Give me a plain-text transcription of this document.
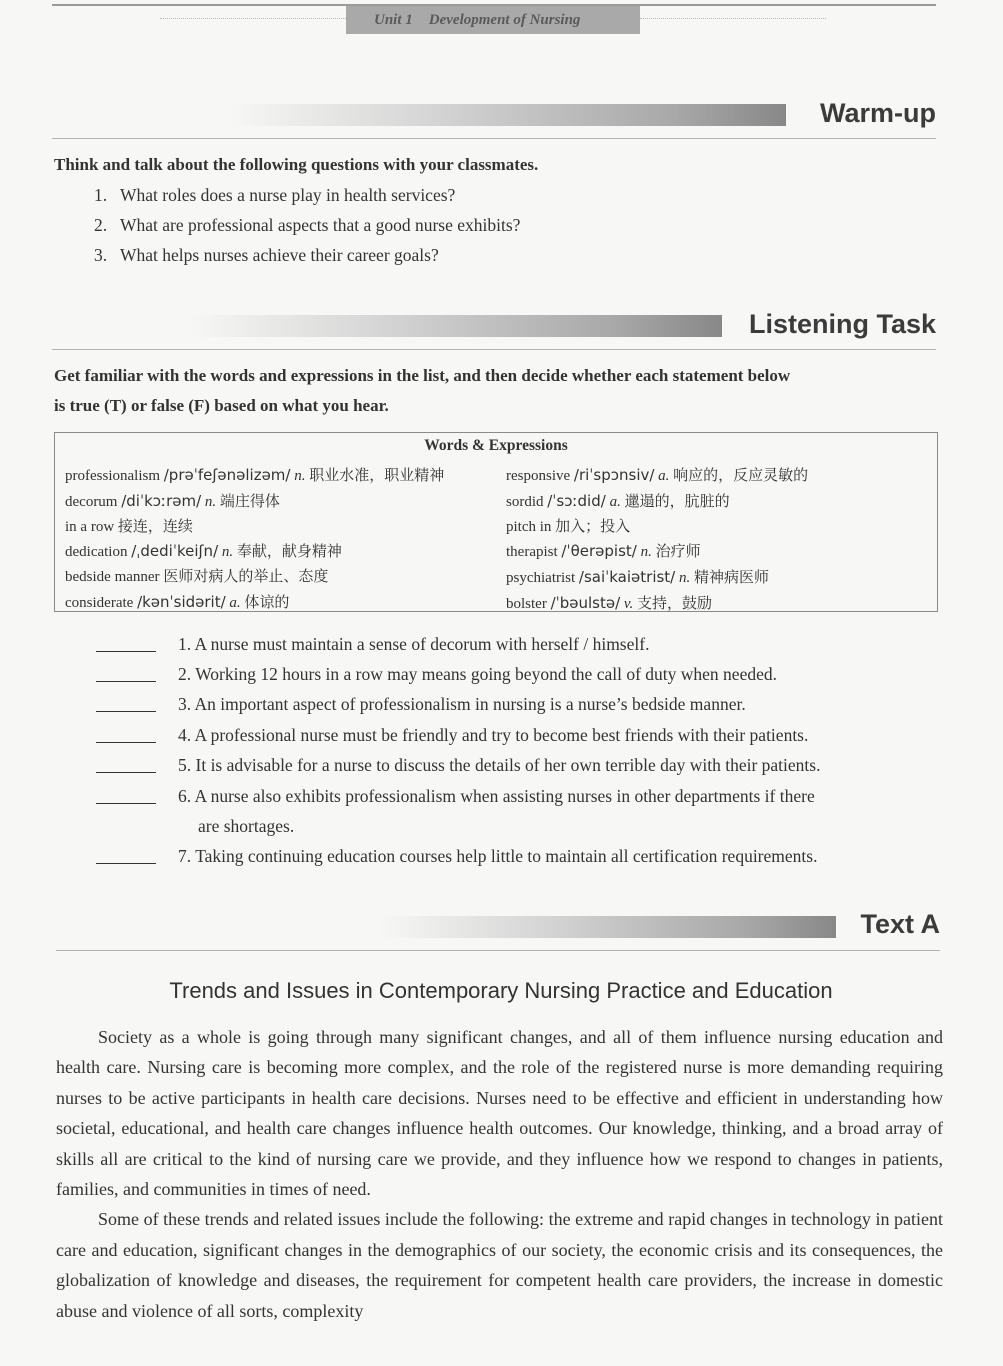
Unit 1 Development of Nursing
Warm-up
Think and talk about the following questions with your classmates.
1. What roles does a nurse play in health services?
2. What are professional aspects that a good nurse exhibits?
3. What helps nurses achieve their career goals?
Listening Task
Get familiar with the words and expressions in the list, and then decide whether each statement below
is true (T) or false (F) based on what you hear.
Words & Expressions
professionalism /prəˈfeʃənəlizəm/ n. 职业水准，职业精神
decorum /diˈkɔːrəm/ n. 端庄得体
in a row 接连，连续
dedication /ˌdediˈkeiʃn/ n. 奉献，献身精神
bedside manner 医师对病人的举止、态度
considerate /kənˈsidərit/ a. 体谅的
responsive /riˈspɔnsiv/ a. 响应的，反应灵敏的
sordid /ˈsɔːdid/ a. 邋遢的，肮脏的
pitch in 加入；投入
therapist /ˈθerəpist/ n. 治疗师
psychiatrist /saiˈkaiətrist/ n. 精神病医师
bolster /ˈbəulstə/ v. 支持，鼓励
1. A nurse must maintain a sense of decorum with herself / himself.
2. Working 12 hours in a row may means going beyond the call of duty when needed.
3. An important aspect of professionalism in nursing is a nurse’s bedside manner.
4. A professional nurse must be friendly and try to become best friends with their patients.
5. It is advisable for a nurse to discuss the details of her own terrible day with their patients.
6. A nurse also exhibits professionalism when assisting nurses in other departments if there
are shortages.
7. Taking continuing education courses help little to maintain all certification requirements.
Text A
Trends and Issues in Contemporary Nursing Practice and Education

Society as a whole is going through many significant changes, and all of them influence nursing education and health care. Nursing care is becoming more complex, and the role of the registered nurse is more demanding requiring nurses to be active participants in health care decisions. Nurses need to be effective and efficient in understanding how societal, educational, and health care changes influence health outcomes. Our knowledge, thinking, and a broad array of skills all are critical to the kind of nursing care we provide, and they influence how we respond to changes in patients, families, and communities in times of need.

Some of these trends and related issues include the following: the extreme and rapid changes in technology in patient care and education, significant changes in the demographics of our society, the economic crisis and its consequences, the globalization of knowledge and diseases, the requirement for competent health care providers, the increase in domestic abuse and violence of all sorts, complexity
